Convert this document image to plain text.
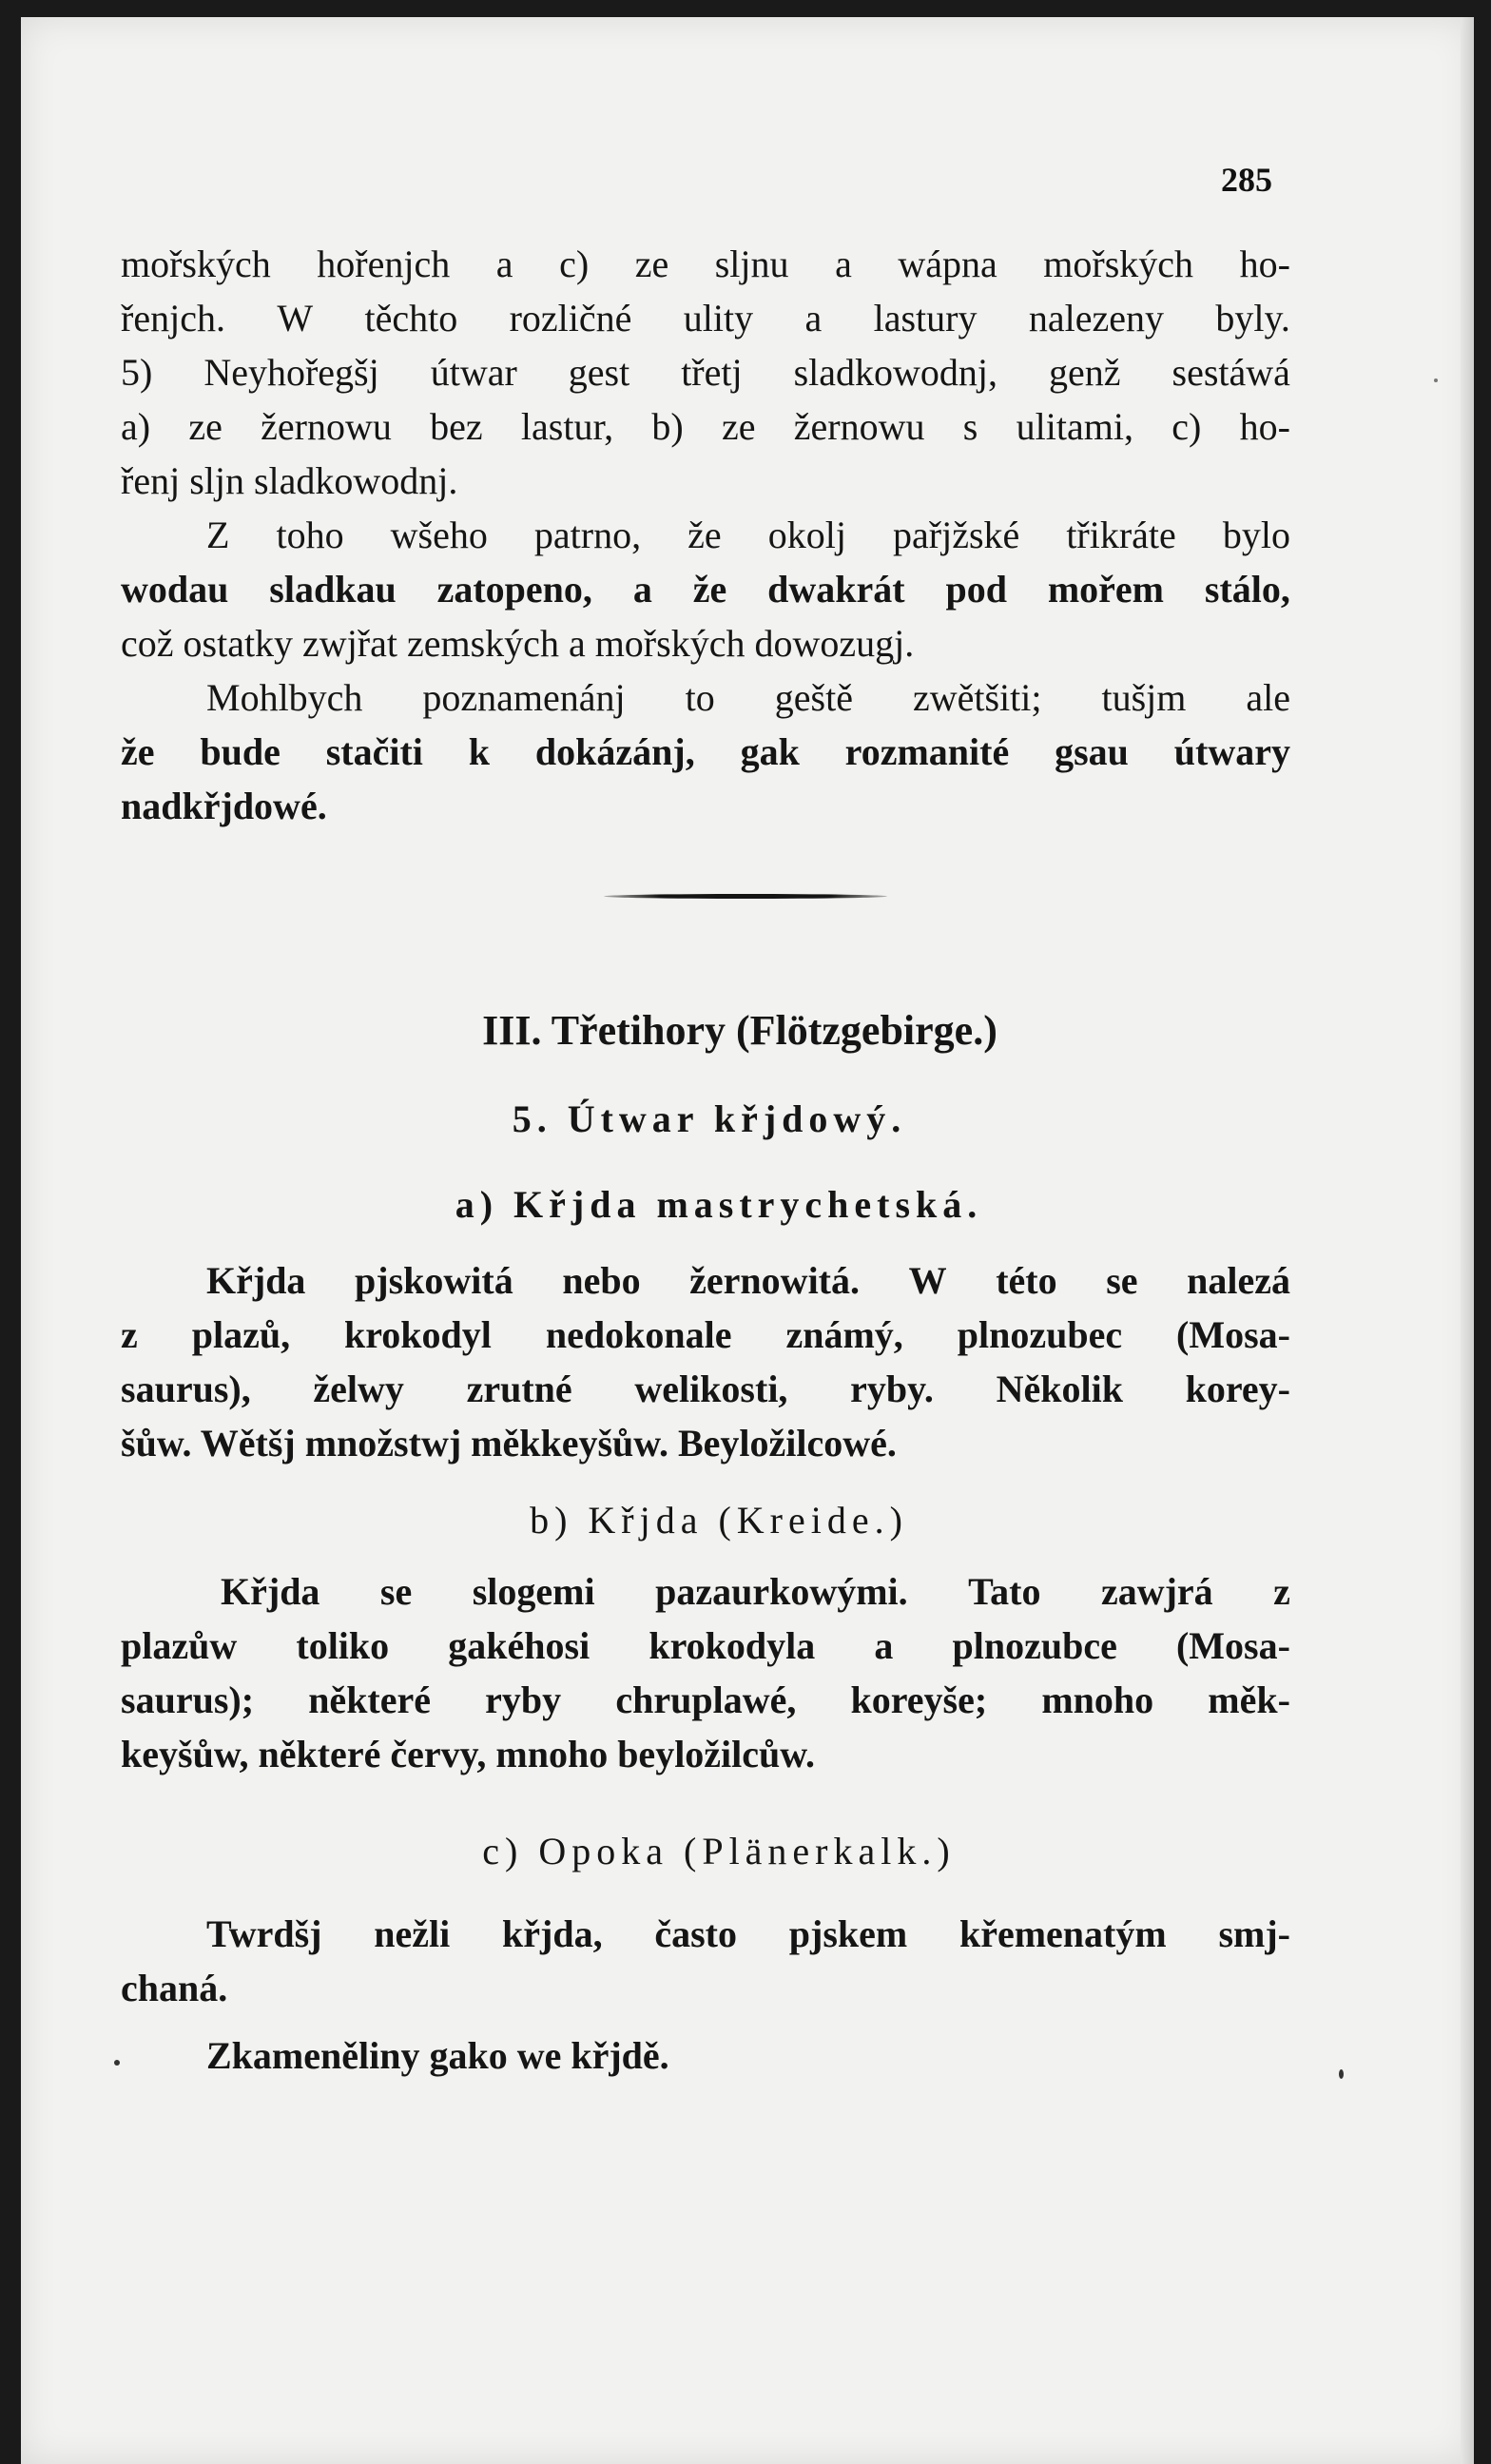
285
mořských hořenjch a c) ze sljnu a wápna mořských ho-
řenjch. W těchto rozličné ulity a lastury nalezeny byly.
5) Neyhořegšj útwar gest třetj sladkowodnj, genž sestáwá
a) ze žernowu bez lastur, b) ze žernowu s ulitami, c) ho-
řenj sljn sladkowodnj.
Z toho wšeho patrno, že okolj pařjžské třikráte bylo
wodau sladkau zatopeno, a že dwakrát pod mořem stálo,
což ostatky zwjřat zemských a mořských dowozugj.
Mohlbych poznamenánj to geště zwětšiti; tušjm ale
že bude stačiti k dokázánj, gak rozmanité gsau útwary
nadkřjdowé.
III. Třetihory (Flötzgebirge.)
5. Útwar křjdowý.
a) Křjda mastrychetská.
Křjda pjskowitá nebo žernowitá. W této se nalezá
z plazů, krokodyl nedokonale známý, plnozubec (Mosa-
saurus), želwy zrutné welikosti, ryby. Několik korey-
šůw. Wětšj množstwj měkkeyšůw. Beyložilcowé.
b) Křjda (Kreide.)
Křjda se slogemi pazaurkowými. Tato zawjrá z
plazůw toliko gakéhosi krokodyla a plnozubce (Mosa-
saurus); některé ryby chruplawé, koreyše; mnoho měk-
keyšůw, některé červy, mnoho beyložilcůw.
c) Opoka (Plänerkalk.)
Twrdšj nežli křjda, často pjskem křemenatým smj-
chaná.
Zkameněliny gako we křjdě.
